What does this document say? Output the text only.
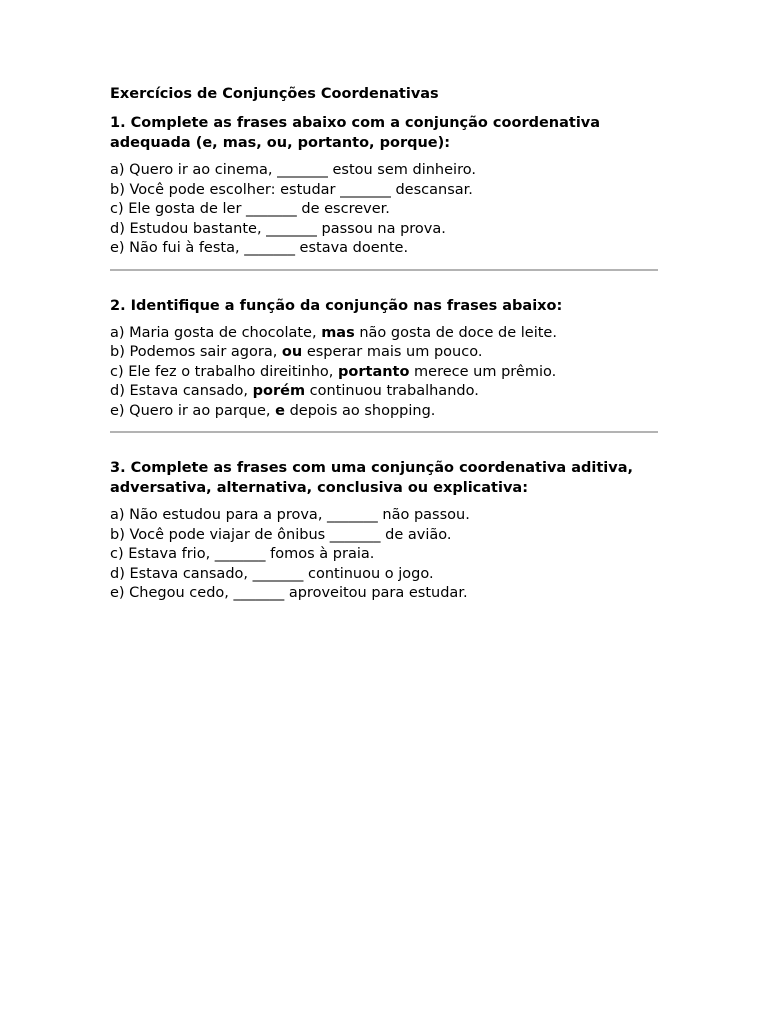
Exercícios de Conjunções Coordenativas
1. Complete as frases abaixo com a conjunção coordenativa adequada (e, mas, ou, portanto, porque):
a) Quero ir ao cinema, _______ estou sem dinheiro.
b) Você pode escolher: estudar _______ descansar.
c) Ele gosta de ler _______ de escrever.
d) Estudou bastante, _______ passou na prova.
e) Não fui à festa, _______ estava doente.
2. Identifique a função da conjunção nas frases abaixo:
a) Maria gosta de chocolate, mas não gosta de doce de leite.
b) Podemos sair agora, ou esperar mais um pouco.
c) Ele fez o trabalho direitinho, portanto merece um prêmio.
d) Estava cansado, porém continuou trabalhando.
e) Quero ir ao parque, e depois ao shopping.
3. Complete as frases com uma conjunção coordenativa aditiva, adversativa, alternativa, conclusiva ou explicativa:
a) Não estudou para a prova, _______ não passou.
b) Você pode viajar de ônibus _______ de avião.
c) Estava frio, _______ fomos à praia.
d) Estava cansado, _______ continuou o jogo.
e) Chegou cedo, _______ aproveitou para estudar.
